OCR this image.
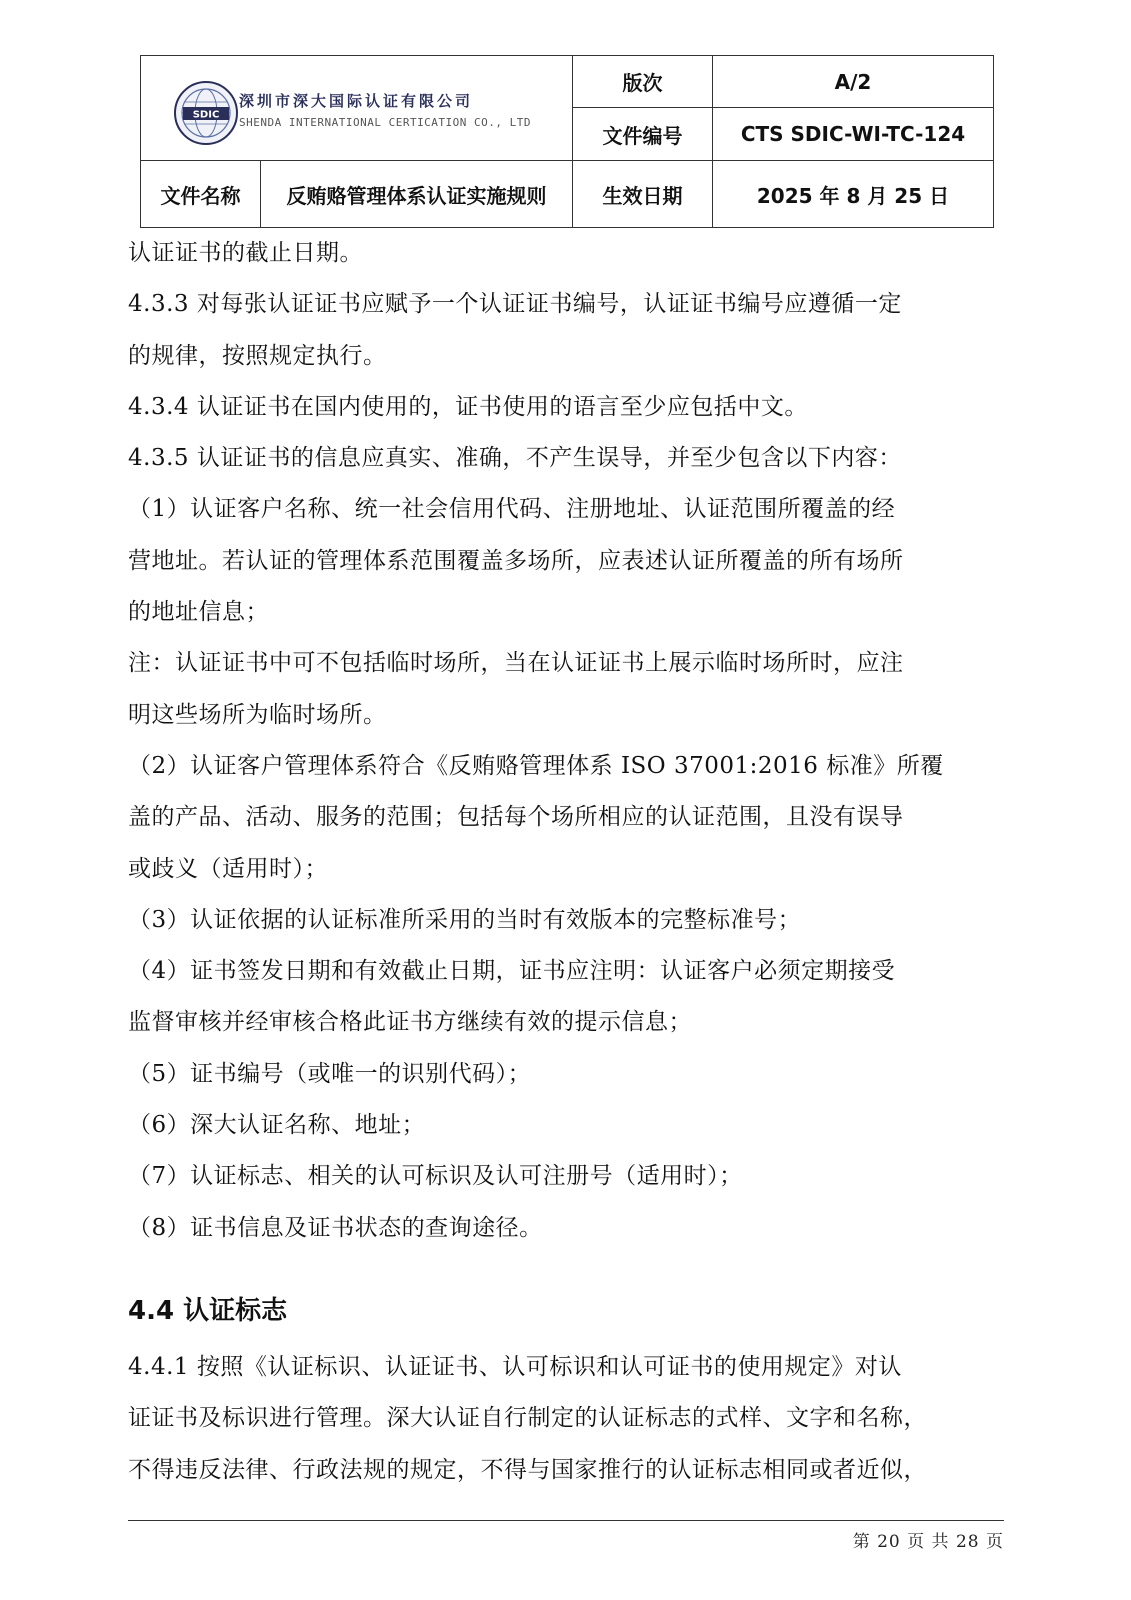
SDIC
深圳市深大国际认证有限公司
SHENDA INTERNATIONAL CERTICATION CO., LTD		版次	A/2
		文件编号	CTS SDIC-WI-TC-124
文件名称	反贿赂管理体系认证实施规则	生效日期	2025 年 8 月 25 日
认证证书的截止日期。
4.3.3 对每张认证证书应赋予一个认证证书编号，认证证书编号应遵循一定
的规律，按照规定执行。
4.3.4 认证证书在国内使用的，证书使用的语言至少应包括中文。
4.3.5 认证证书的信息应真实、准确，不产生误导，并至少包含以下内容：
（1）认证客户名称、统一社会信用代码、注册地址、认证范围所覆盖的经
营地址。若认证的管理体系范围覆盖多场所，应表述认证所覆盖的所有场所
的地址信息；
注：认证证书中可不包括临时场所，当在认证证书上展示临时场所时，应注
明这些场所为临时场所。
（2）认证客户管理体系符合《反贿赂管理体系 ISO 37001:2016 标准》所覆
盖的产品、活动、服务的范围；包括每个场所相应的认证范围，且没有误导
或歧义（适用时）；
（3）认证依据的认证标准所采用的当时有效版本的完整标准号；
（4）证书签发日期和有效截止日期，证书应注明：认证客户必须定期接受
监督审核并经审核合格此证书方继续有效的提示信息；
（5）证书编号（或唯一的识别代码）；
（6）深大认证名称、地址；
（7）认证标志、相关的认可标识及认可注册号（适用时）；
（8）证书信息及证书状态的查询途径。
4.4 认证标志
4.4.1 按照《认证标识、认证证书、认可标识和认可证书的使用规定》对认
证证书及标识进行管理。深大认证自行制定的认证标志的式样、文字和名称，
不得违反法律、行政法规的规定，不得与国家推行的认证标志相同或者近似，
第 20 页 共 28 页
